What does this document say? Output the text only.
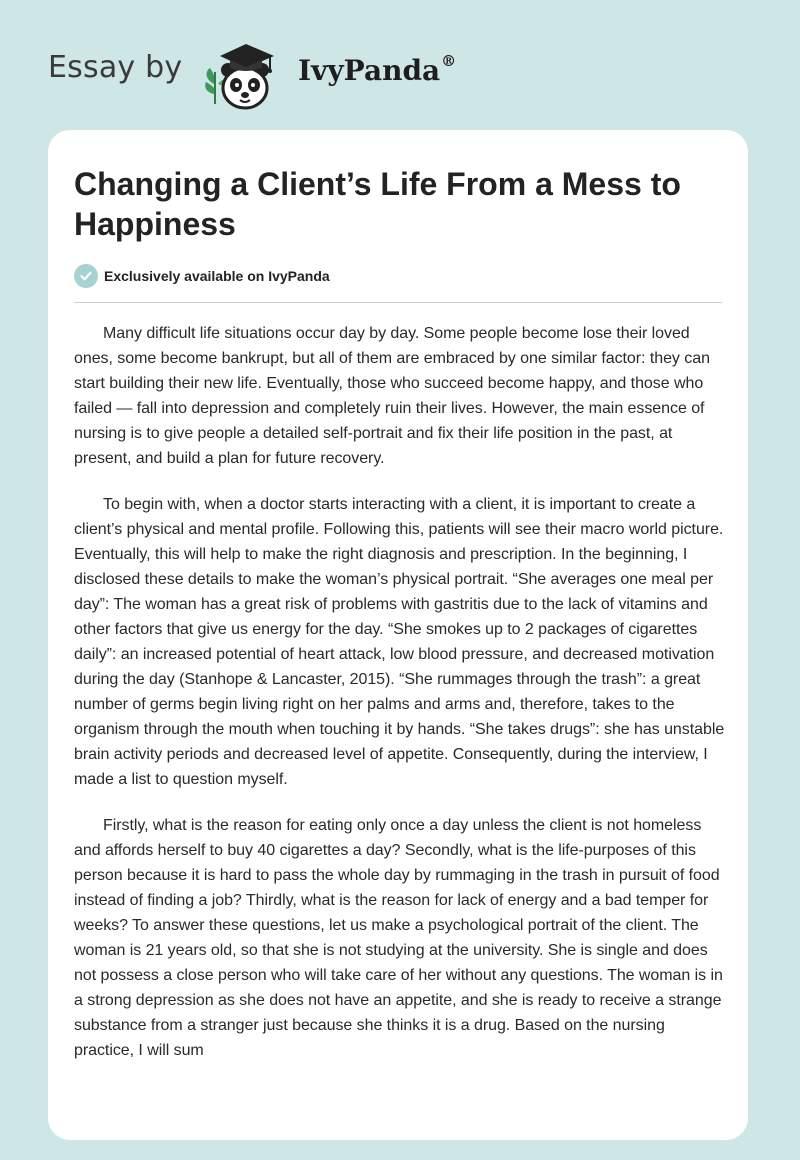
Essay by	IvyPanda®
Changing a Client’s Life From a Mess to Happiness
Exclusively available on IvyPanda

Many difficult life situations occur day by day. Some people become lose their loved ones, some become bankrupt, but all of them are embraced by one similar factor: they can start building their new life. Eventually, those who succeed become happy, and those who failed — fall into depression and completely ruin their lives. However, the main essence of nursing is to give people a detailed self-portrait and fix their life position in the past, at present, and build a plan for future recovery.

To begin with, when a doctor starts interacting with a client, it is important to create a client’s physical and mental profile. Following this, patients will see their macro world picture. Eventually, this will help to make the right diagnosis and prescription. In the beginning, I disclosed these details to make the woman’s physical portrait. “She averages one meal per day”: The woman has a great risk of problems with gastritis due to the lack of vitamins and other factors that give us energy for the day. “She smokes up to 2 packages of cigarettes daily”: an increased potential of heart attack, low blood pressure, and decreased motivation during the day (Stanhope & Lancaster, 2015). “She rummages through the trash”: a great number of germs begin living right on her palms and arms and, therefore, takes to the organism through the mouth when touching it by hands. “She takes drugs”: she has unstable brain activity periods and decreased level of appetite. Consequently, during the interview, I made a list to question myself.

Firstly, what is the reason for eating only once a day unless the client is not homeless and affords herself to buy 40 cigarettes a day? Secondly, what is the life-purposes of this person because it is hard to pass the whole day by rummaging in the trash in pursuit of food instead of finding a job? Thirdly, what is the reason for lack of energy and a bad temper for weeks? To answer these questions, let us make a psychological portrait of the client. The woman is 21 years old, so that she is not studying at the university. She is single and does not possess a close person who will take care of her without any questions. The woman is in a strong depression as she does not have an appetite, and she is ready to receive a strange substance from a stranger just because she thinks it is a drug. Based on the nursing practice, I will sum
